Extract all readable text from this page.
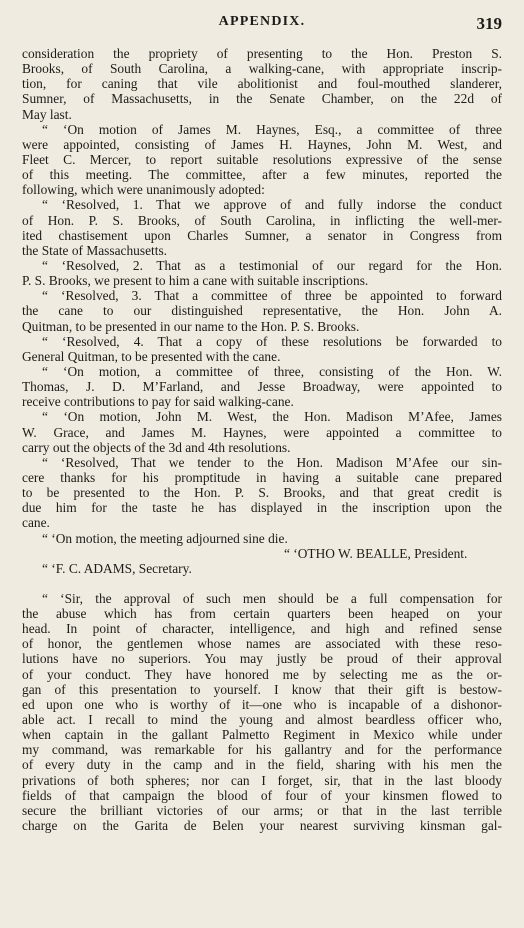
APPENDIX.	319
consideration the propriety of presenting to the Hon. Preston S.
Brooks, of South Carolina, a walking-cane, with appropriate inscrip-
tion, for caning that vile abolitionist and foul-mouthed slanderer,
Sumner, of Massachusetts, in the Senate Chamber, on the 22d of
May last.
“ ‘On motion of James M. Haynes, Esq., a committee of three
were appointed, consisting of James H. Haynes, John M. West, and
Fleet C. Mercer, to report suitable resolutions expressive of the sense
of this meeting. The committee, after a few minutes, reported the
following, which were unanimously adopted:
“ ‘Resolved, 1. That we approve of and fully indorse the conduct
of Hon. P. S. Brooks, of South Carolina, in inflicting the well-mer-
ited chastisement upon Charles Sumner, a senator in Congress from
the State of Massachusetts.
“ ‘Resolved, 2. That as a testimonial of our regard for the Hon.
P. S. Brooks, we present to him a cane with suitable inscriptions.
“ ‘Resolved, 3. That a committee of three be appointed to forward
the cane to our distinguished representative, the Hon. John A.
Quitman, to be presented in our name to the Hon. P. S. Brooks.
“ ‘Resolved, 4. That a copy of these resolutions be forwarded to
General Quitman, to be presented with the cane.
“ ‘On motion, a committee of three, consisting of the Hon. W.
Thomas, J. D. M’Farland, and Jesse Broadway, were appointed to
receive contributions to pay for said walking-cane.
“ ‘On motion, John M. West, the Hon. Madison M’Afee, James
W. Grace, and James M. Haynes, were appointed a committee to
carry out the objects of the 3d and 4th resolutions.
“ ‘Resolved, That we tender to the Hon. Madison M’Afee our sin-
cere thanks for his promptitude in having a suitable cane prepared
to be presented to the Hon. P. S. Brooks, and that great credit is
due him for the taste he has displayed in the inscription upon the
cane.
“ ‘On motion, the meeting adjourned sine die.
“ ‘OTHO W. BEALLE, President.
“ ‘F. C. ADAMS, Secretary.
“ ‘Sir, the approval of such men should be a full compensation for
the abuse which has from certain quarters been heaped on your
head. In point of character, intelligence, and high and refined sense
of honor, the gentlemen whose names are associated with these reso-
lutions have no superiors. You may justly be proud of their approval
of your conduct. They have honored me by selecting me as the or-
gan of this presentation to yourself. I know that their gift is bestow-
ed upon one who is worthy of it—one who is incapable of a dishonor-
able act. I recall to mind the young and almost beardless officer who,
when captain in the gallant Palmetto Regiment in Mexico while under
my command, was remarkable for his gallantry and for the performance
of every duty in the camp and in the field, sharing with his men the
privations of both spheres; nor can I forget, sir, that in the last bloody
fields of that campaign the blood of four of your kinsmen flowed to
secure the brilliant victories of our arms; or that in the last terrible
charge on the Garita de Belen your nearest surviving kinsman gal-
